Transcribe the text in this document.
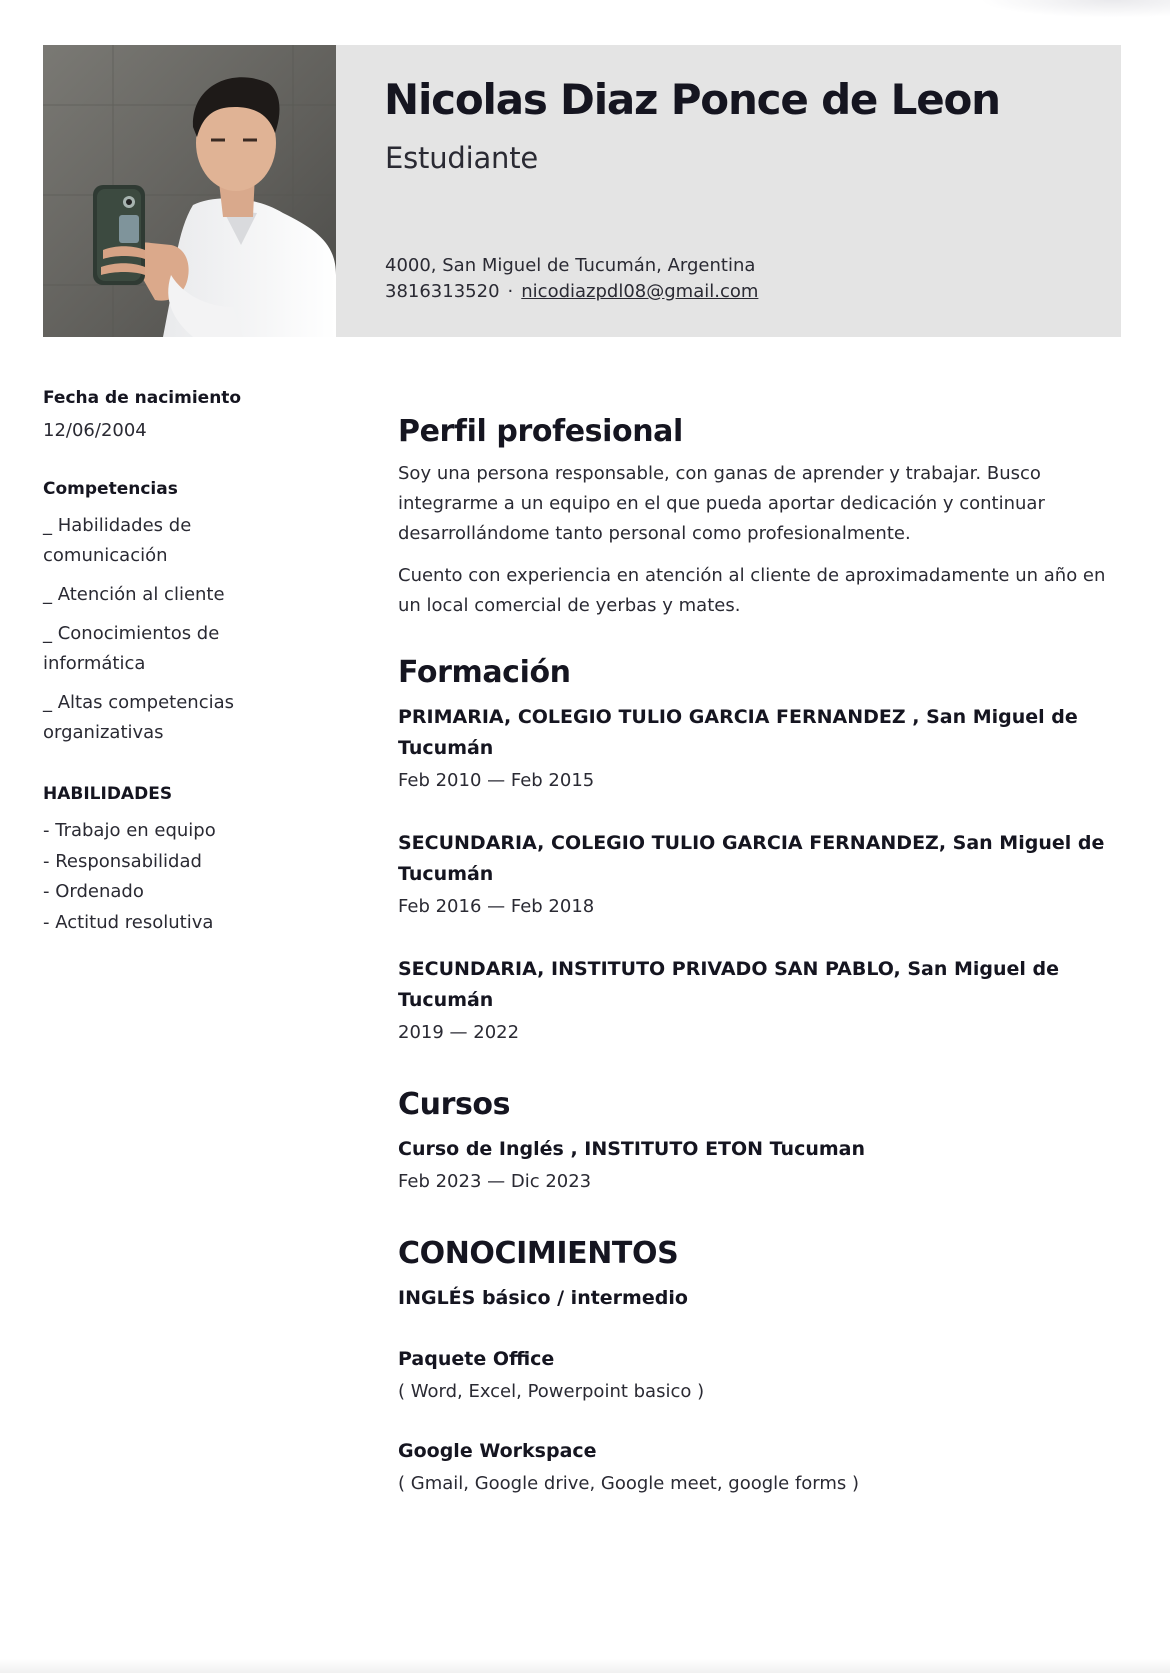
Nicolas Diaz Ponce de Leon
Estudiante
4000, San Miguel de Tucumán, Argentina
3816313520 · nicodiazpdl08@gmail.com
Fecha de nacimiento
12/06/2004
Competencias
_ Habilidades de comunicación
_ Atención al cliente
_ Conocimientos de informática
_ Altas competencias organizativas
HABILIDADES
- Trabajo en equipo
- Responsabilidad
- Ordenado
- Actitud resolutiva
Perfil profesional

Soy una persona responsable, con ganas de aprender y trabajar. Busco integrarme a un equipo en el que pueda aportar dedicación y continuar desarrollándome tanto personal como profesionalmente.

Cuento con experiencia en atención al cliente de aproximadamente un año en un local comercial de yerbas y mates.

Formación

PRIMARIA, COLEGIO TULIO GARCIA FERNANDEZ , San Miguel de Tucumán

Feb 2010 — Feb 2015

SECUNDARIA, COLEGIO TULIO GARCIA FERNANDEZ, San Miguel de Tucumán

Feb 2016 — Feb 2018

SECUNDARIA, INSTITUTO PRIVADO SAN PABLO, San Miguel de Tucumán

2019 — 2022

Cursos

Curso de Inglés , INSTITUTO ETON Tucuman

Feb 2023 — Dic 2023

CONOCIMIENTOS

INGLÉS básico / intermedio

Paquete Office

( Word, Excel, Powerpoint basico )

Google Workspace

( Gmail, Google drive, Google meet, google forms )
